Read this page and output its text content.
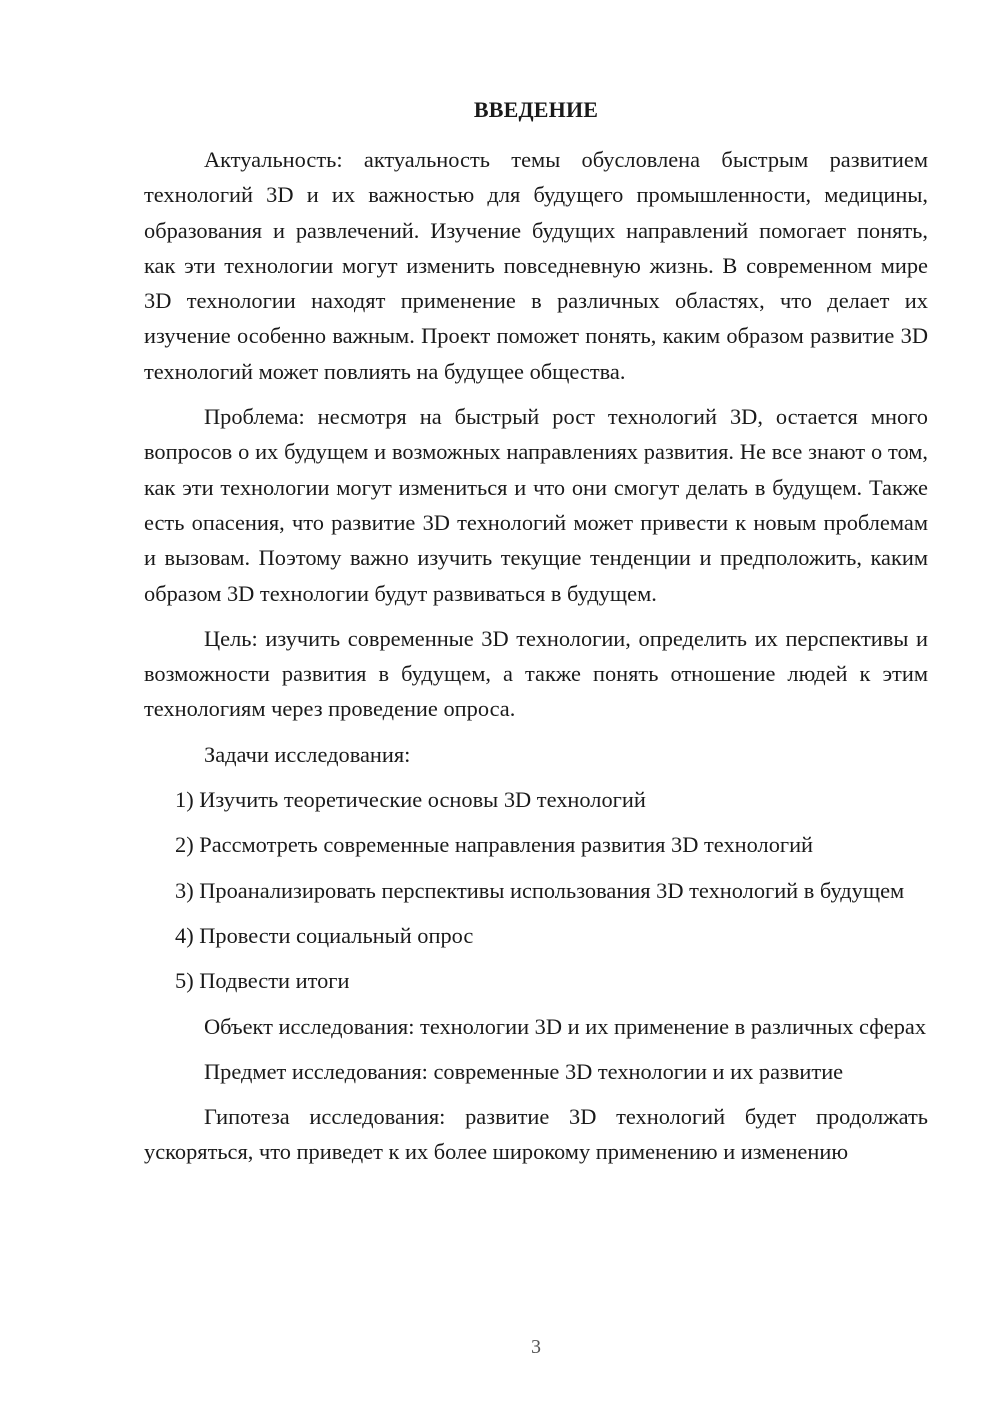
ВВЕДЕНИЕ

Актуальность: актуальность темы обусловлена быстрым развитием технологий 3D и их важностью для будущего промышленности, медицины, образования и развлечений. Изучение будущих направлений помогает понять, как эти технологии могут изменить повседневную жизнь. В современном мире 3D технологии находят применение в различных областях, что делает их изучение особенно важным. Проект поможет понять, каким образом развитие 3D технологий может повлиять на будущее общества.

Проблема: несмотря на быстрый рост технологий 3D, остается много вопросов о их будущем и возможных направлениях развития. Не все знают о том, как эти технологии могут измениться и что они смогут делать в будущем. Также есть опасения, что развитие 3D технологий может привести к новым проблемам и вызовам. Поэтому важно изучить текущие тенденции и предположить, каким образом 3D технологии будут развиваться в будущем.

Цель: изучить современные 3D технологии, определить их перспективы и возможности развития в будущем, а также понять отношение людей к этим технологиям через проведение опроса.

Задачи исследования:

1) Изучить теоретические основы 3D технологий

2) Рассмотреть современные направления развития 3D технологий

3) Проанализировать перспективы использования 3D технологий в будущем

4) Провести социальный опрос

5) Подвести итоги

Объект исследования: технологии 3D и их применение в различных сферах

Предмет исследования: современные 3D технологии и их развитие

Гипотеза исследования: развитие 3D технологий будет продолжать ускоряться, что приведет к их более широкому применению и изменению

3
